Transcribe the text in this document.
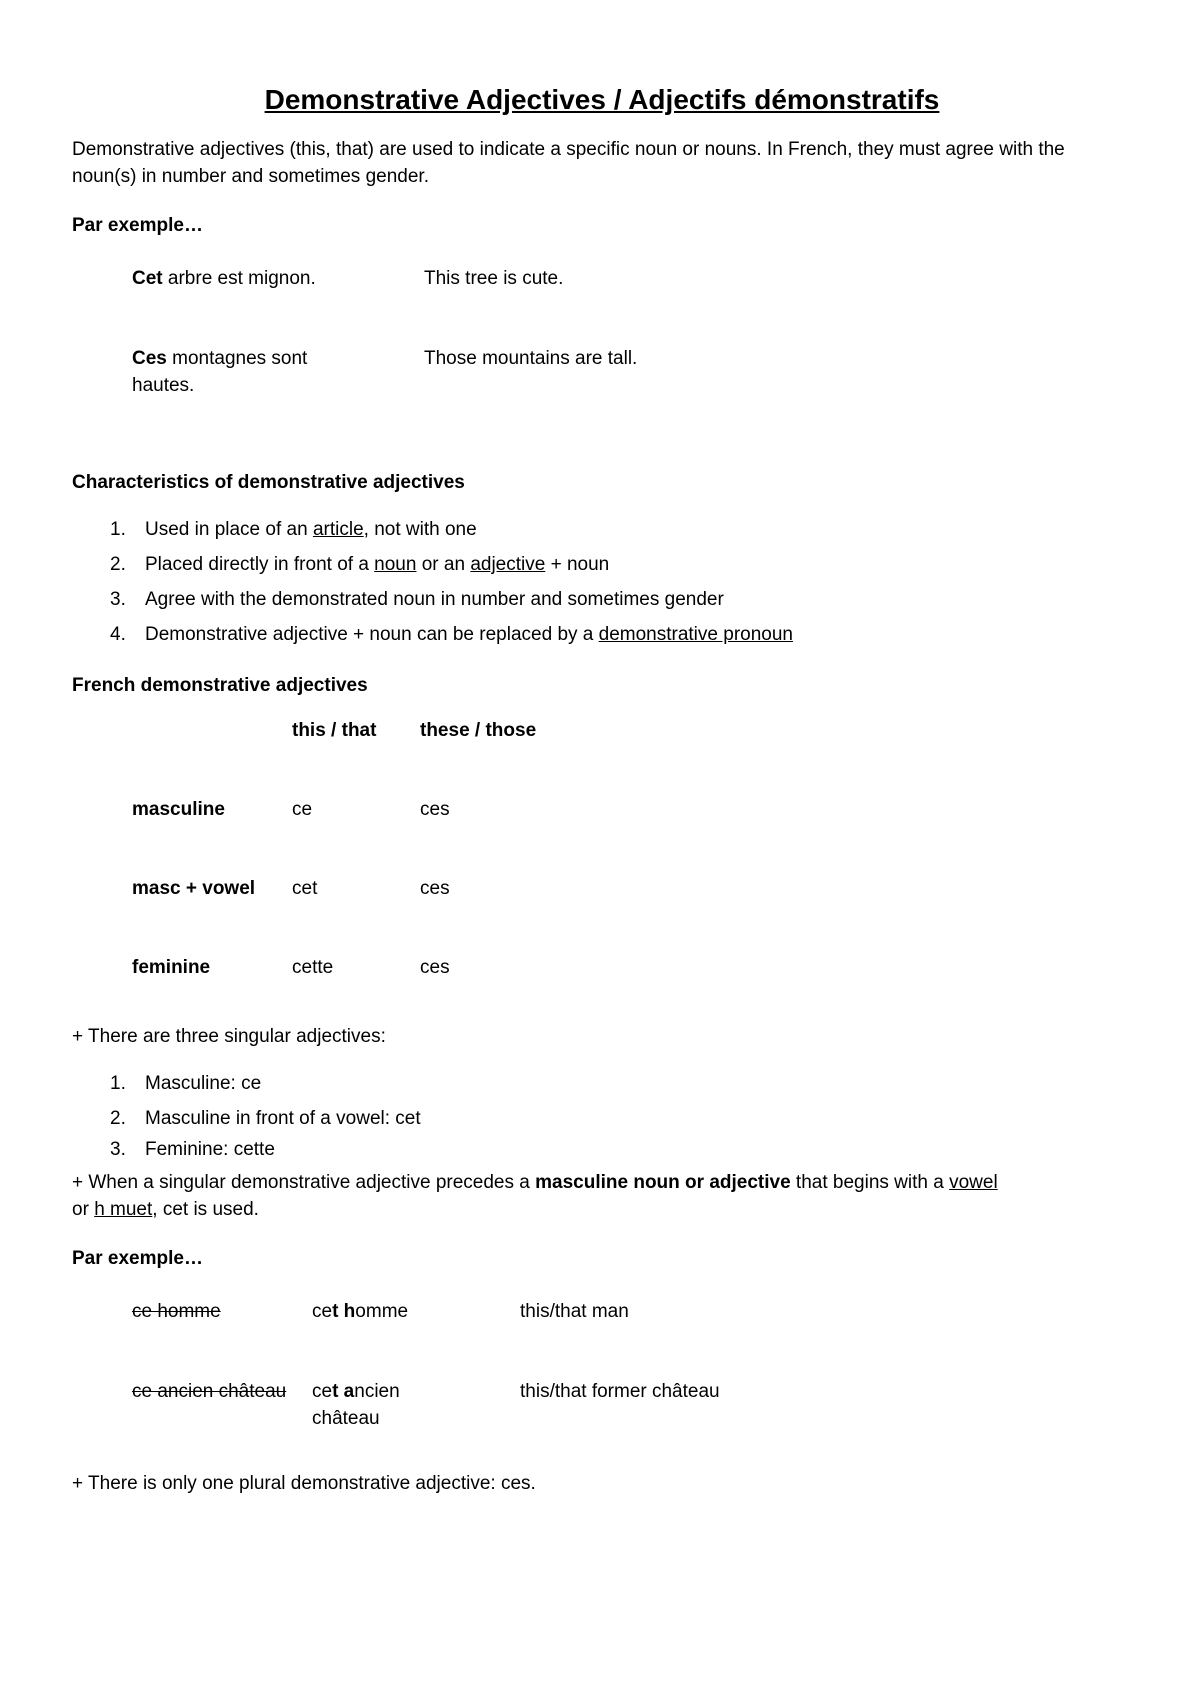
Demonstrative Adjectives / Adjectifs démonstratifs

Demonstrative adjectives (this, that) are used to indicate a specific noun or nouns. In French, they must agree with the noun(s) in number and sometimes gender.

Par exemple…

Cet arbre est mignon.	This tree is cute.
Ces montagnes sont hautes.	Those mountains are tall.

Characteristics of demonstrative adjectives

1. Used in place of an article, not with one
2. Placed directly in front of a noun or an adjective + noun
3. Agree with the demonstrated noun in number and sometimes gender
4. Demonstrative adjective + noun can be replaced by a demonstrative pronoun

French demonstrative adjectives

	this / that	these / those
masculine	ce	ces
masc + vowel	cet	ces
feminine	cette	ces

+ There are three singular adjectives:

1. Masculine: ce
2. Masculine in front of a vowel: cet
3. Feminine: cette

+ When a singular demonstrative adjective precedes a masculine noun or adjective that begins with a vowel or h muet, cet is used.

Par exemple…

ce homme	cet homme	this/that man
ce ancien château	cet ancien château	this/that former château

+ There is only one plural demonstrative adjective: ces.
